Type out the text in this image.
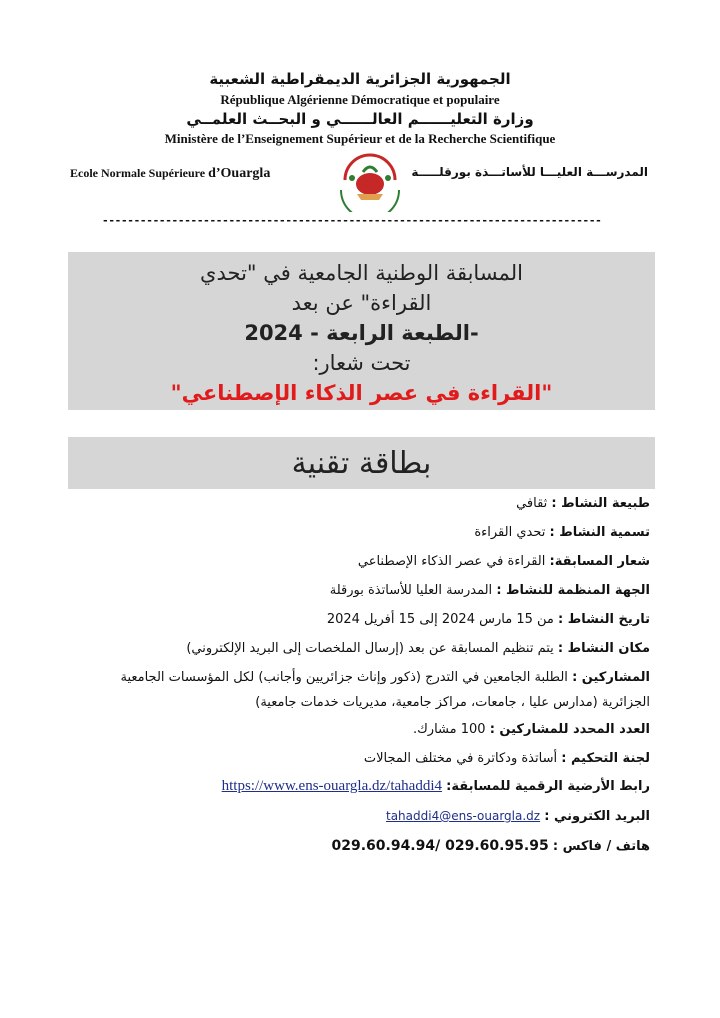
الجمهورية الجزائرية الديمقراطية الشعبية
République Algérienne Démocratique et populaire
وزارة التعليــــــم العالــــــي و البحــث العلمــي
Ministère de l’Enseignement Supérieur et de la Recherche Scientifique
Ecole Normale Supérieure d’Ouargla	المدرســـة العليـــا للأساتـــذة بورقلـــــة
-------------------------------------------------------------------------------
المسابقة الوطنية الجامعية في "تحدي
القراءة" عن بعد
-الطبعة الرابعة - 2024
تحت شعار:
"القراءة في عصر الذكاء الإصطناعي"
بطاقة تقنية

طبيعة النشاط : ثقافي

تسمية النشاط : تحدي القراءة

شعار المسابقة: القراءة في عصر الذكاء الإصطناعي

الجهة المنظمة للنشاط : المدرسة العليا للأساتذة بورقلة

تاريخ النشاط : من 15 مارس 2024 إلى 15 أفريل 2024

مكان النشاط : يتم تنظيم المسابقة عن بعد (إرسال الملخصات إلى البريد الإلكتروني)

المشاركين : الطلبة الجامعين في التدرج (ذكور وإناث جزائريين وأجانب) لكل المؤسسات الجامعية

الجزائرية (مدارس عليا ، جامعات، مراكز جامعية، مديريات خدمات جامعية)

العدد المحدد للمشاركين : 100 مشارك.

لجنة التحكيم : أساتذة ودكاترة في مختلف المجالات

رابط الأرضية الرقمية للمسابقة: https://www.ens-ouargla.dz/tahaddi4

البريد الكتروني : tahaddi4@ens-ouargla.dz

هاتف / فاكس : 029.60.94.94/ 029.60.95.95
